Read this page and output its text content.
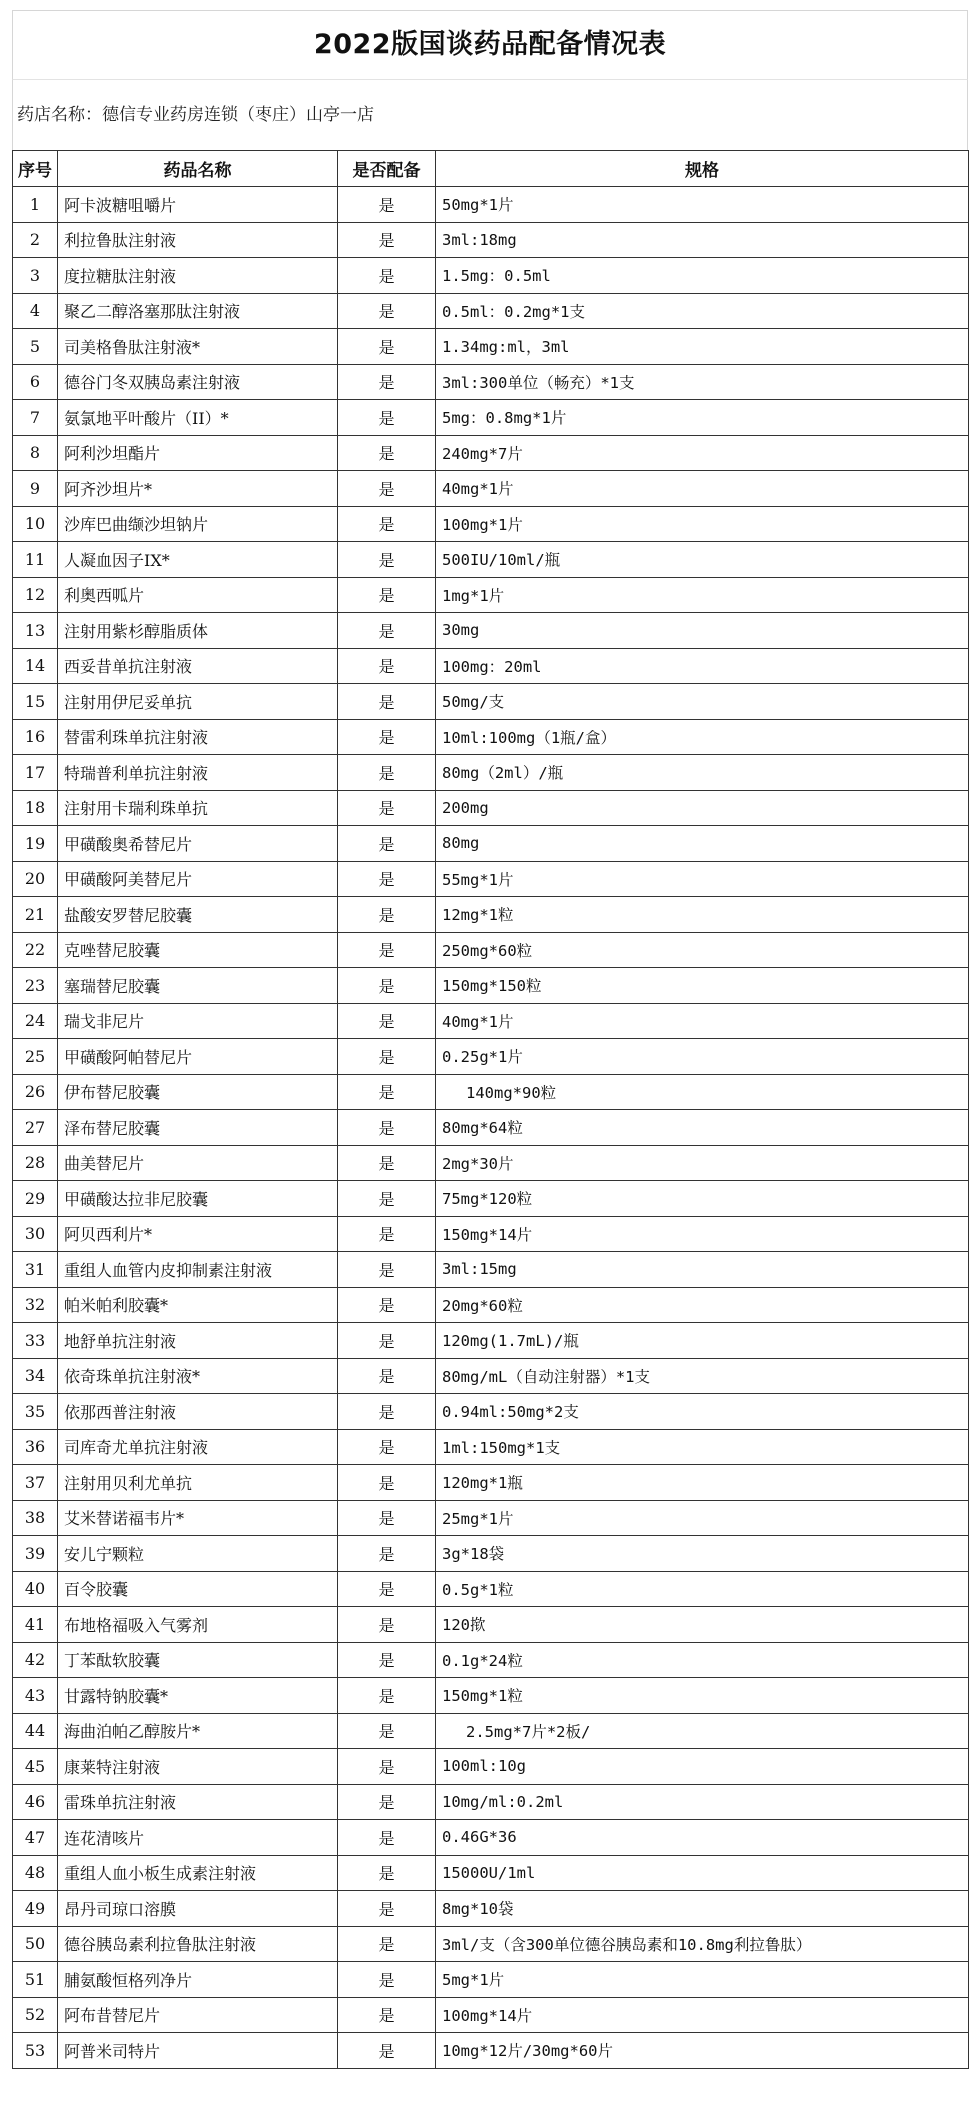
2022版国谈药品配备情况表
药店名称：德信专业药房连锁（枣庄）山亭一店
序号	药品名称	是否配备	规格
1	阿卡波糖咀嚼片	是	50mg*1片
2	利拉鲁肽注射液	是	3ml:18mg
3	度拉糖肽注射液	是	1.5mg：0.5ml
4	聚乙二醇洛塞那肽注射液	是	0.5ml：0.2mg*1支
5	司美格鲁肽注射液*	是	1.34mg:ml，3ml
6	德谷门冬双胰岛素注射液	是	3ml:300单位（畅充）*1支
7	氨氯地平叶酸片（II）*	是	5mg：0.8mg*1片
8	阿利沙坦酯片	是	240mg*7片
9	阿齐沙坦片*	是	40mg*1片
10	沙库巴曲缬沙坦钠片	是	100mg*1片
11	人凝血因子IX*	是	500IU/10ml/瓶
12	利奥西呱片	是	1mg*1片
13	注射用紫杉醇脂质体	是	30mg
14	西妥昔单抗注射液	是	100mg：20ml
15	注射用伊尼妥单抗	是	50mg/支
16	替雷利珠单抗注射液	是	10ml:100mg（1瓶/盒）
17	特瑞普利单抗注射液	是	80mg（2ml）/瓶
18	注射用卡瑞利珠单抗	是	200mg
19	甲磺酸奥希替尼片	是	80mg
20	甲磺酸阿美替尼片	是	55mg*1片
21	盐酸安罗替尼胶囊	是	12mg*1粒
22	克唑替尼胶囊	是	250mg*60粒
23	塞瑞替尼胶囊	是	150mg*150粒
24	瑞戈非尼片	是	40mg*1片
25	甲磺酸阿帕替尼片	是	0.25g*1片
26	伊布替尼胶囊	是	140mg*90粒
27	泽布替尼胶囊	是	80mg*64粒
28	曲美替尼片	是	2mg*30片
29	甲磺酸达拉非尼胶囊	是	75mg*120粒
30	阿贝西利片*	是	150mg*14片
31	重组人血管内皮抑制素注射液	是	3ml:15mg
32	帕米帕利胶囊*	是	20mg*60粒
33	地舒单抗注射液	是	120mg(1.7mL)/瓶
34	依奇珠单抗注射液*	是	80mg/mL（自动注射器）*1支
35	依那西普注射液	是	0.94ml:50mg*2支
36	司库奇尤单抗注射液	是	1ml:150mg*1支
37	注射用贝利尤单抗	是	120mg*1瓶
38	艾米替诺福韦片*	是	25mg*1片
39	安儿宁颗粒	是	3g*18袋
40	百令胶囊	是	0.5g*1粒
41	布地格福吸入气雾剂	是	120揿
42	丁苯酞软胶囊	是	0.1g*24粒
43	甘露特钠胶囊*	是	150mg*1粒
44	海曲泊帕乙醇胺片*	是	2.5mg*7片*2板/
45	康莱特注射液	是	100ml:10g
46	雷珠单抗注射液	是	10mg/ml:0.2ml
47	连花清咳片	是	0.46G*36
48	重组人血小板生成素注射液	是	15000U/1ml
49	昂丹司琼口溶膜	是	8mg*10袋
50	德谷胰岛素利拉鲁肽注射液	是	3ml/支（含300单位德谷胰岛素和10.8mg利拉鲁肽）
51	脯氨酸恒格列净片	是	5mg*1片
52	阿布昔替尼片	是	100mg*14片
53	阿普米司特片	是	10mg*12片/30mg*60片
